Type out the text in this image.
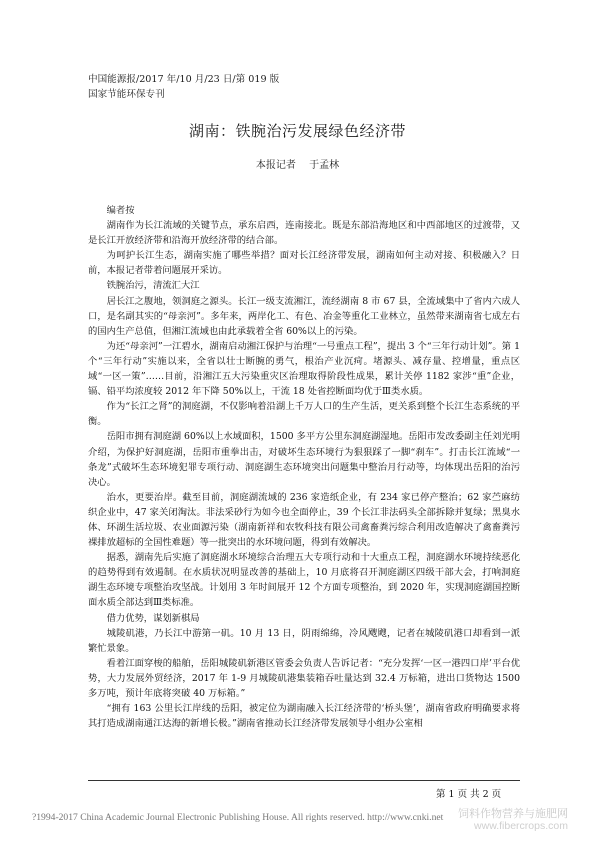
中国能源报/2017 年/10 月/23 日/第 019 版
国家节能环保专刊
湖南：铁腕治污发展绿色经济带
本报记者 于孟林

编者按

湖南作为长江流域的关键节点，承东启西，连南接北。既是东部沿海地区和中西部地区的过渡带，又是长江开放经济带和沿海开放经济带的结合部。

为呵护长江生态，湖南实施了哪些举措？面对长江经济带发展，湖南如何主动对接、积极融入？日前，本报记者带着问题展开采访。

铁腕治污，清流汇大江

居长江之腹地，领洞庭之源头。长江一级支流湘江，流经湖南 8 市 67 县，全流域集中了省内六成人口，是名副其实的“母亲河”。多年来，两岸化工、有色、冶金等重化工业林立，虽然带来湖南省七成左右的国内生产总值，但湘江流域也由此承载着全省 60%以上的污染。

为还“母亲河”一江碧水，湖南启动湘江保护与治理“一号重点工程”，提出 3 个“三年行动计划”。第 1 个“三年行动”实施以来，全省以壮士断腕的勇气，根治产业沉疴。堵源头、减存量、控增量，重点区域“一区一策”……目前，沿湘江五大污染重灾区治理取得阶段性成果，累计关停 1182 家涉“重”企业，镉、铅平均浓度较 2012 年下降 50%以上，干流 18 处省控断面均优于Ⅲ类水质。

作为“长江之肾”的洞庭湖，不仅影响着沿湖上千万人口的生产生活，更关系到整个长江生态系统的平衡。

岳阳市拥有洞庭湖 60%以上水域面积，1500 多平方公里东洞庭湖湿地。岳阳市发改委副主任刘光明介绍，为保护好洞庭湖，岳阳市重拳出击，对破坏生态环境行为狠狠踩了一脚“刹车”。打击长江流域“一条龙”式破坏生态环境犯罪专项行动、洞庭湖生态环境突出问题集中整治月行动等，均体现出岳阳的治污决心。

治水，更要治岸。截至目前，洞庭湖流域的 236 家造纸企业，有 234 家已停产整治；62 家苎麻纺织企业中，47 家关闭淘汰。非法采砂行为如今也全面停止，39 个长江非法码头全部拆除并复绿；黑臭水体、环湖生活垃圾、农业面源污染（湖南新祥和农牧科技有限公司禽畜粪污综合利用改造解决了禽畜粪污裸排放超标的全国性难题）等一批突出的水环境问题，得到有效解决。

据悉，湖南先后实施了洞庭湖水环境综合治理五大专项行动和十大重点工程，洞庭湖水环境持续恶化的趋势得到有效遏制。在水质状况明显改善的基础上，10 月底将召开洞庭湖区四级干部大会，打响洞庭湖生态环境专项整治攻坚战。计划用 3 年时间展开 12 个方面专项整治，到 2020 年，实现洞庭湖国控断面水质全部达到Ⅲ类标准。

借力优势，谋划新棋局

城陵矶港，乃长江中游第一矶。10 月 13 日，阴雨绵绵，冷风飕飕，记者在城陵矶港口却看到一派繁忙景象。

看着江面穿梭的船舶，岳阳城陵矶新港区管委会负责人告诉记者：“充分发挥‘一区一港四口岸’平台优势，大力发展外贸经济，2017 年 1-9 月城陵矶港集装箱吞吐量达到 32.4 万标箱，进出口货物达 1500 多万吨，预计年底将突破 40 万标箱。”

“拥有 163 公里长江岸线的岳阳，被定位为湖南融入长江经济带的‘桥头堡’，湖南省政府明确要求将其打造成湖南通江达海的新增长极。”湖南省推动长江经济带发展领导小组办公室相

第 1 页 共 2 页
?1994-2017 China Academic Journal Electronic Publishing House. All rights reserved. http://www.cnki.net 饲料作物营养与施肥网
www.fibercrops.com
